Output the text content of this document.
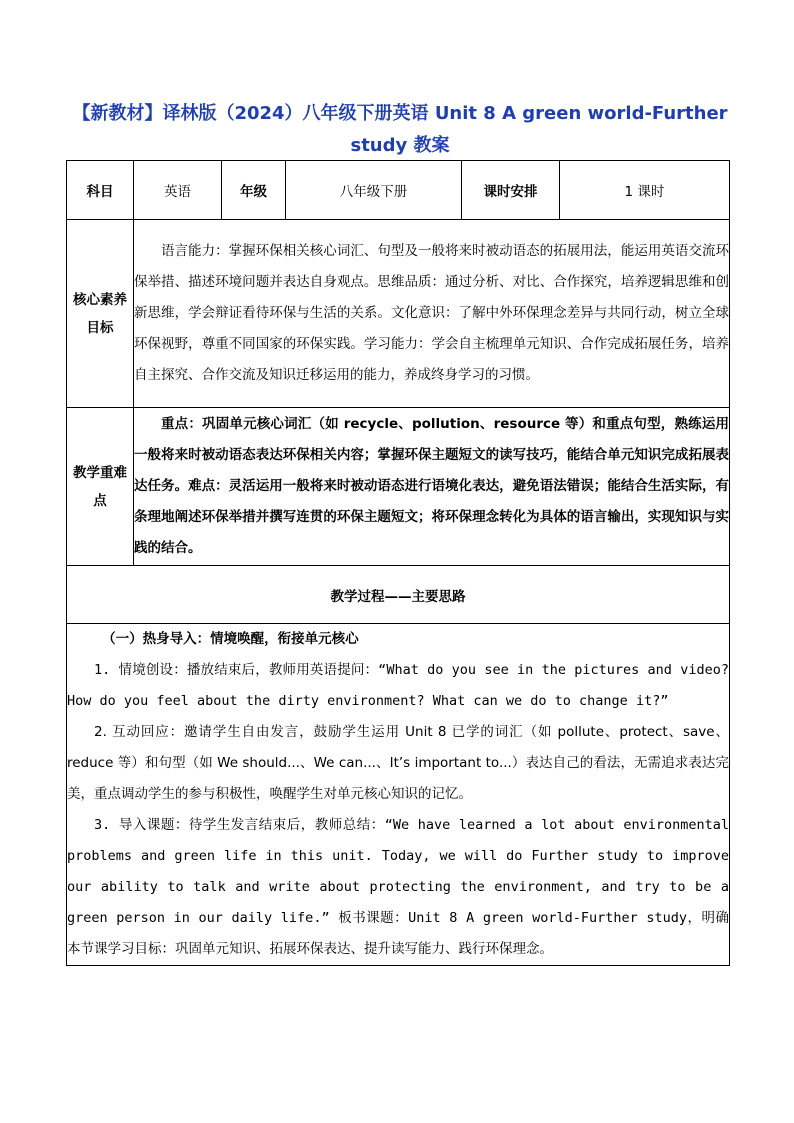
【新教材】译林版（2024）八年级下册英语 Unit 8 A green world-Further study 教案
科目	英语	年级	八年级下册	课时安排	1 课时

核心素养目标	语言能力：掌握环保相关核心词汇、句型及一般将来时被动语态的拓展用法，能运用英语交流环保举措、描述环境问题并表达自身观点。思维品质：通过分析、对比、合作探究，培养逻辑思维和创新思维，学会辩证看待环保与生活的关系。文化意识：了解中外环保理念差异与共同行动，树立全球环保视野，尊重不同国家的环保实践。学习能力：学会自主梳理单元知识、合作完成拓展任务，培养自主探究、合作交流及知识迁移运用的能力，养成终身学习的习惯。				

教学重难点	重点：巩固单元核心词汇（如 recycle、pollution、resource 等）和重点句型，熟练运用一般将来时被动语态表达环保相关内容；掌握环保主题短文的读写技巧，能结合单元知识完成拓展表达任务。难点：灵活运用一般将来时被动语态进行语境化表达，避免语法错误；能结合生活实际，有条理地阐述环保举措并撰写连贯的环保主题短文；将环保理念转化为具体的语言输出，实现知识与实践的结合。				
教学过程——主要思路					

（一）热身导入：情境唤醒，衔接单元核心

1. 情境创设：播放结束后，教师用英语提问：“What do you see in the pictures and video? How do you feel about the dirty environment? What can we do to change it?”

2. 互动回应：邀请学生自由发言，鼓励学生运用 Unit 8 已学的词汇（如 pollute、protect、save、reduce 等）和句型（如 We should...、We can...、It’s important to...）表达自己的看法，无需追求表达完美，重点调动学生的参与积极性，唤醒学生对单元核心知识的记忆。

3. 导入课题：待学生发言结束后，教师总结：“We have learned a lot about environmental problems and green life in this unit. Today, we will do Further study to improve our ability to talk and write about protecting the environment, and try to be a green person in our daily life.” 板书课题：Unit 8 A green world-Further study，明确本节课学习目标：巩固单元知识、拓展环保表达、提升读写能力、践行环保理念。					
